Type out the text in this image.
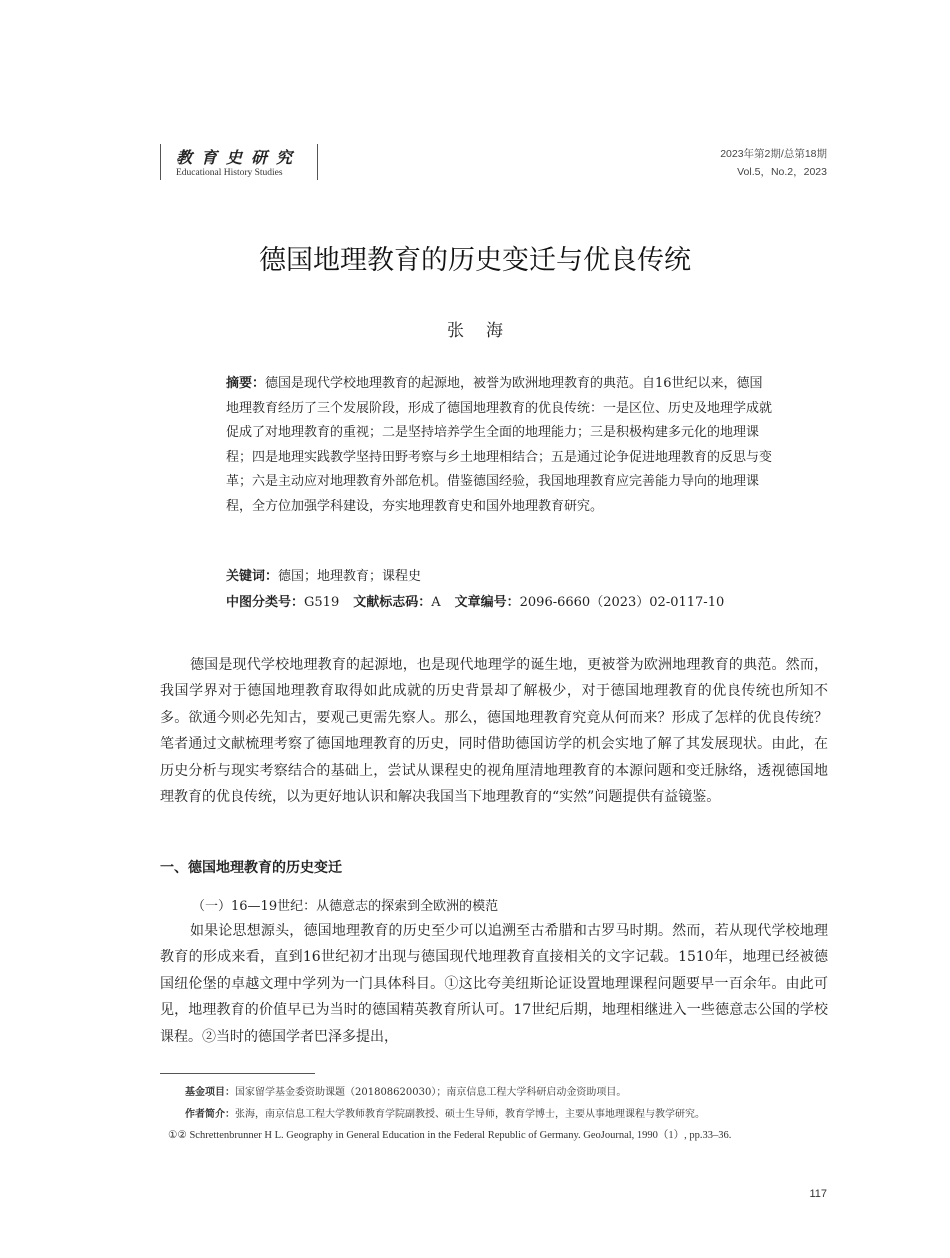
教育史研究
Educational History Studies
2023年第2期/总第18期
Vol.5，No.2，2023
德国地理教育的历史变迁与优良传统
张海
摘要：德国是现代学校地理教育的起源地，被誉为欧洲地理教育的典范。自16世纪以来，德国地理教育经历了三个发展阶段，形成了德国地理教育的优良传统：一是区位、历史及地理学成就促成了对地理教育的重视；二是坚持培养学生全面的地理能力；三是积极构建多元化的地理课程；四是地理实践教学坚持田野考察与乡土地理相结合；五是通过论争促进地理教育的反思与变革；六是主动应对地理教育外部危机。借鉴德国经验，我国地理教育应完善能力导向的地理课程，全方位加强学科建设，夯实地理教育史和国外地理教育研究。
关键词：德国；地理教育；课程史
中图分类号：G519 文献标志码：A 文章编号：2096-6660（2023）02-0117-10

德国是现代学校地理教育的起源地，也是现代地理学的诞生地，更被誉为欧洲地理教育的典范。然而，我国学界对于德国地理教育取得如此成就的历史背景却了解极少，对于德国地理教育的优良传统也所知不多。欲通今则必先知古，要观己更需先察人。那么，德国地理教育究竟从何而来？形成了怎样的优良传统？笔者通过文献梳理考察了德国地理教育的历史，同时借助德国访学的机会实地了解了其发展现状。由此，在历史分析与现实考察结合的基础上，尝试从课程史的视角厘清地理教育的本源问题和变迁脉络，透视德国地理教育的优良传统，以为更好地认识和解决我国当下地理教育的“实然”问题提供有益镜鉴。

一、德国地理教育的历史变迁
（一）16—19世纪：从德意志的探索到全欧洲的模范

如果论思想源头，德国地理教育的历史至少可以追溯至古希腊和古罗马时期。然而，若从现代学校地理教育的形成来看，直到16世纪初才出现与德国现代地理教育直接相关的文字记载。1510年，地理已经被德国纽伦堡的卓越文理中学列为一门具体科目。①这比夸美纽斯论证设置地理课程问题要早一百余年。由此可见，地理教育的价值早已为当时的德国精英教育所认可。17世纪后期，地理相继进入一些德意志公国的学校课程。②当时的德国学者巴泽多提出，

基金项目：国家留学基金委资助课题（201808620030）；南京信息工程大学科研启动金资助项目。
作者简介：张海，南京信息工程大学教师教育学院副教授、硕士生导师，教育学博士，主要从事地理课程与教学研究。
①② Schrettenbrunner H L. Geography in General Education in the Federal Republic of Germany. GeoJournal, 1990（1）, pp.33–36.
117
